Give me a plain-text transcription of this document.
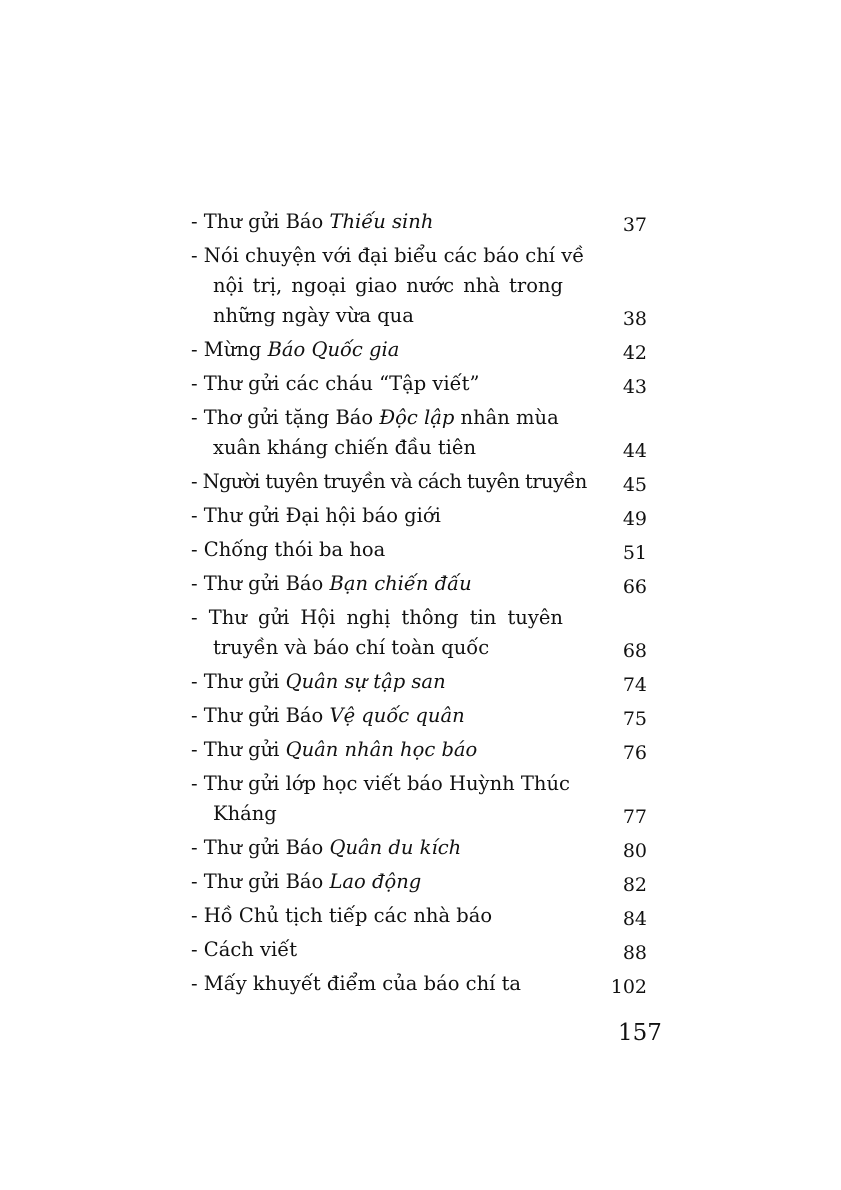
- Thư gửi Báo Thiếu sinh	37
- Nói chuyện với đại biểu các báo chí về
nội trị, ngoại giao nước nhà trong
những ngày vừa qua	38
- Mừng Báo Quốc gia	42
- Thư gửi các cháu “Tập viết”	43
- Thơ gửi tặng Báo Độc lập nhân mùa
xuân kháng chiến đầu tiên	44
- Người tuyên truyền và cách tuyên truyền 45
- Thư gửi Đại hội báo giới	49
- Chống thói ba hoa	51
- Thư gửi Báo Bạn chiến đấu	66
- Thư gửi Hội nghị thông tin tuyên
truyền và báo chí toàn quốc	68
- Thư gửi Quân sự tập san	74
- Thư gửi Báo Vệ quốc quân	75
- Thư gửi Quân nhân học báo	76
- Thư gửi lớp học viết báo Huỳnh Thúc
Kháng	77
- Thư gửi Báo Quân du kích	80
- Thư gửi Báo Lao động	82
- Hồ Chủ tịch tiếp các nhà báo	84
- Cách viết	88
- Mấy khuyết điểm của báo chí ta	102
157
